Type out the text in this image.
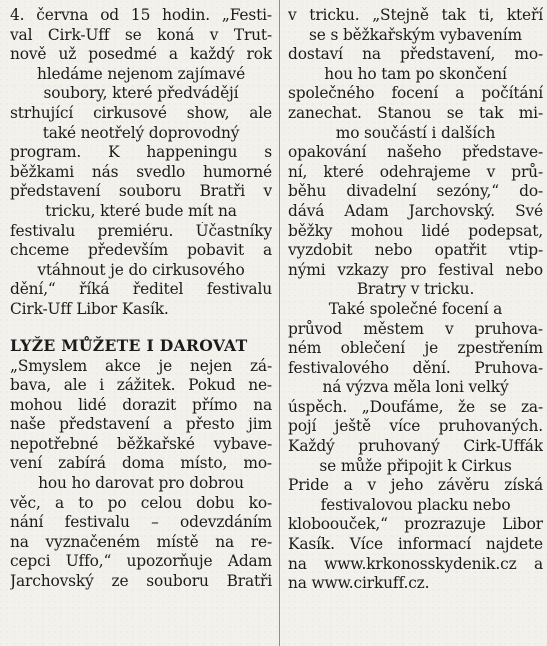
4. června od 15 hodin. „Festi-
val Cirk-Uff se koná v Trut-
nově už posedmé a každý rok
hledáme nejenom zajímavé
soubory, které předvádějí
strhující cirkusové show, ale
také neotřelý doprovodný
program. K happeningu s
běžkami nás svedlo humorné
představení souboru Bratři v
tricku, které bude mít na
festivalu premiéru. Účastníky
chceme především pobavit a
vtáhnout je do cirkusového
dění,“ říká ředitel festivalu
Cirk-Uff Libor Kasík.
LYŽE MŮŽETE I DAROVAT
„Smyslem akce je nejen zá-
bava, ale i zážitek. Pokud ne-
mohou lidé dorazit přímo na
naše představení a přesto jim
nepotřebné běžkařské vybave-
vení zabírá doma místo, mo-
hou ho darovat pro dobrou
věc, a to po celou dobu ko-
nání festivalu – odevzdáním
na vyznačeném místě na re-
cepci Uffo,“ upozorňuje Adam
Jarchovský ze souboru Bratři
v tricku. „Stejně tak ti, kteří
se s běžkařským vybavením
dostaví na představení, mo-
hou ho tam po skončení
společného focení a počítání
zanechat. Stanou se tak mi-
mo součástí i dalších
opakování našeho představe-
ní, které odehrajeme v prů-
běhu divadelní sezóny,“ do-
dává Adam Jarchovský. Své
běžky mohou lidé podepsat,
vyzdobit nebo opatřit vtip-
nými vzkazy pro festival nebo
Bratry v tricku.
Také společné focení a
průvod městem v pruhova-
ném oblečení je zpestřením
festivalového dění. Pruhova-
ná výzva měla loni velký
úspěch. „Doufáme, že se za-
pojí ještě více pruhovaných.
Každý pruhovaný Cirk-Uffák
se může připojit k Cirkus
Pride a v jeho závěru získá
festivalovou placku nebo
kloboouček,“ prozrazuje Libor
Kasík. Více informací najdete
na www.krkonosskydenik.cz a
na www.cirkuff.cz.
